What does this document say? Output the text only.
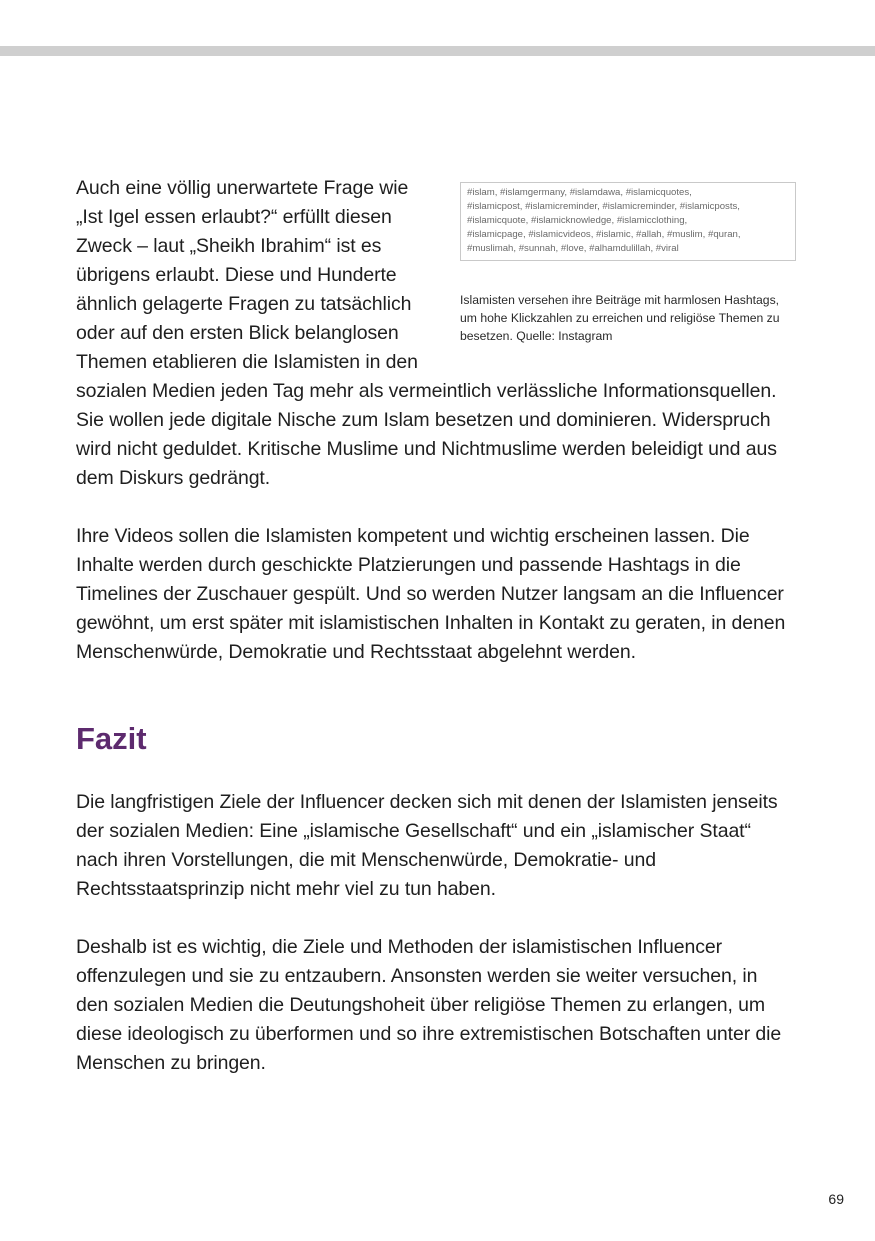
#islam, #islamgermany, #islamdawa, #islamicquotes,
#islamicpost, #islamicreminder, #islamicreminder, #islamicposts,
#islamicquote, #islamicknowledge, #islamicclothing,
#islamicpage, #islamicvideos, #islamic, #allah, #muslim, #quran,
#muslimah, #sunnah, #love, #alhamdulillah, #viral
Islamisten versehen ihre Beiträge mit harmlosen Hashtags, um hohe Klickzahlen zu erreichen und religiöse Themen zu besetzen. Quelle: Instagram

Auch eine völlig unerwartete Frage wie „Ist Igel essen erlaubt?“ erfüllt diesen Zweck – laut „Sheikh Ibrahim“ ist es übrigens erlaubt. Diese und Hunderte ähnlich gelagerte Fragen zu tatsächlich oder auf den ersten Blick belanglosen Themen etablieren die Islamisten in den sozialen Medien jeden Tag mehr als vermeintlich verlässliche Informationsquellen. Sie wollen jede digitale Nische zum Islam besetzen und dominieren. Widerspruch wird nicht geduldet. Kritische Muslime und Nichtmuslime werden beleidigt und aus dem Diskurs gedrängt.

Ihre Videos sollen die Islamisten kompetent und wichtig erscheinen lassen. Die Inhalte werden durch geschickte Platzierungen und passende Hashtags in die Timelines der Zuschauer gespült. Und so werden Nutzer langsam an die Influencer gewöhnt, um erst später mit islamistischen Inhalten in Kontakt zu geraten, in denen Menschenwürde, Demokratie und Rechtsstaat abgelehnt werden.

Fazit

Die langfristigen Ziele der Influencer decken sich mit denen der Islamisten jenseits der sozialen Medien: Eine „islamische Gesellschaft“ und ein „islamischer Staat“ nach ihren Vorstellungen, die mit Menschenwürde, Demokratie- und Rechtsstaatsprinzip nicht mehr viel zu tun haben.

Deshalb ist es wichtig, die Ziele und Methoden der islamistischen Influencer offenzulegen und sie zu entzaubern. Ansonsten werden sie weiter versuchen, in den sozialen Medien die Deutungshoheit über religiöse Themen zu erlangen, um diese ideologisch zu überformen und so ihre extremistischen Botschaften unter die Menschen zu bringen.

69
